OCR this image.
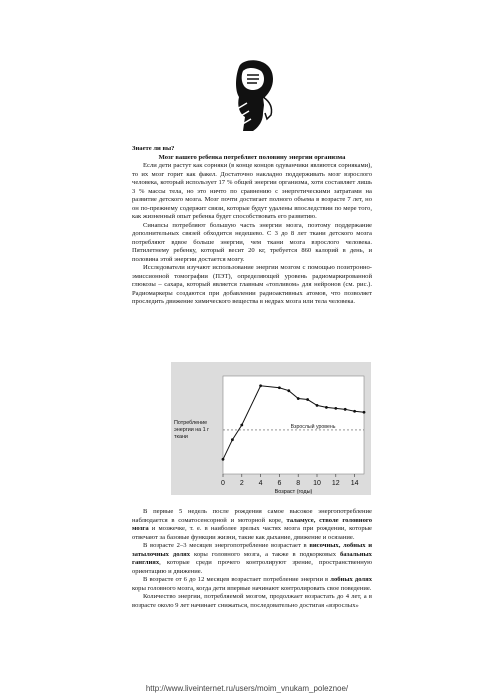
Знаете ли вы?

Мозг вашего ребенка потребляет половину энергии организма

Если дети растут как сорняки (в конце концов одуванчики являются сорняками), то их мозг горит как факел. Достаточно накладно поддерживать мозг взрослого человека, который использует 17 % общей энергии организма, хотя составляет лишь 3 % массы тела, но это ничто по сравнению с энергетическими затратами на развитие детского мозга. Мозг почти достигает полного объема в возрасте 7 лет, но он по-прежнему содержит связи, которые будут удалены впоследствии по мере того, как жизненный опыт ребенка будет способствовать его развитию.

Синапсы потребляют большую часть энергии мозга, поэтому поддержание дополнительных связей обходится недешево. С 3 до 8 лет ткани детского мозга потребляют вдвое больше энергии, чем ткани мозга взрослого человека. Пятилетнему ребенку, который весит 20 кг, требуется 860 калорий в день, и половина этой энергии достается мозгу.

Исследователи изучают использование энергии мозгом с помощью позитронно-эмиссионной томографии (ПЭТ), определяющей уровень радиомаркированной глюкозы – сахара, который является главным «топливом» для нейронов (см. рис.). Радиомаркеры создаются при добавлении радиоактивных атомов, что позволяет проследить движение химического вещества в недрах мозга или тела человека.

Взрослый уровень
0 2 4 6 8 10 12 14
Возраст (годы)
Потребление
энергии на 1 г
ткани

В первые 5 недель после рождения самое высокое энергопотребление наблюдается в соматосенсорной и моторной коре, таламусе, стволе головного мозга и мозжечке, т. е. в наиболее зрелых частях мозга при рождении, которые отвечают за базовые функции жизни, такие как дыхание, движение и осязание.

В возрасте 2–3 месяцев энергопотребление возрастает в височных, лобных и затылочных долях коры головного мозга, а также в подкорковых базальных ганглиях, которые среди прочего контролируют зрение, пространственную ориентацию и движение.

В возрасте от 6 до 12 месяцев возрастает потребление энергии в лобных долях коры головного мозга, когда дети впервые начинают контролировать свое поведение.

Количество энергии, потребляемой мозгом, продолжает возрастать до 4 лет, а в возрасте около 9 лет начинает снижаться, последовательно достигая «взрослых»

http://www.liveinternet.ru/users/moim_vnukam_poleznoe/
